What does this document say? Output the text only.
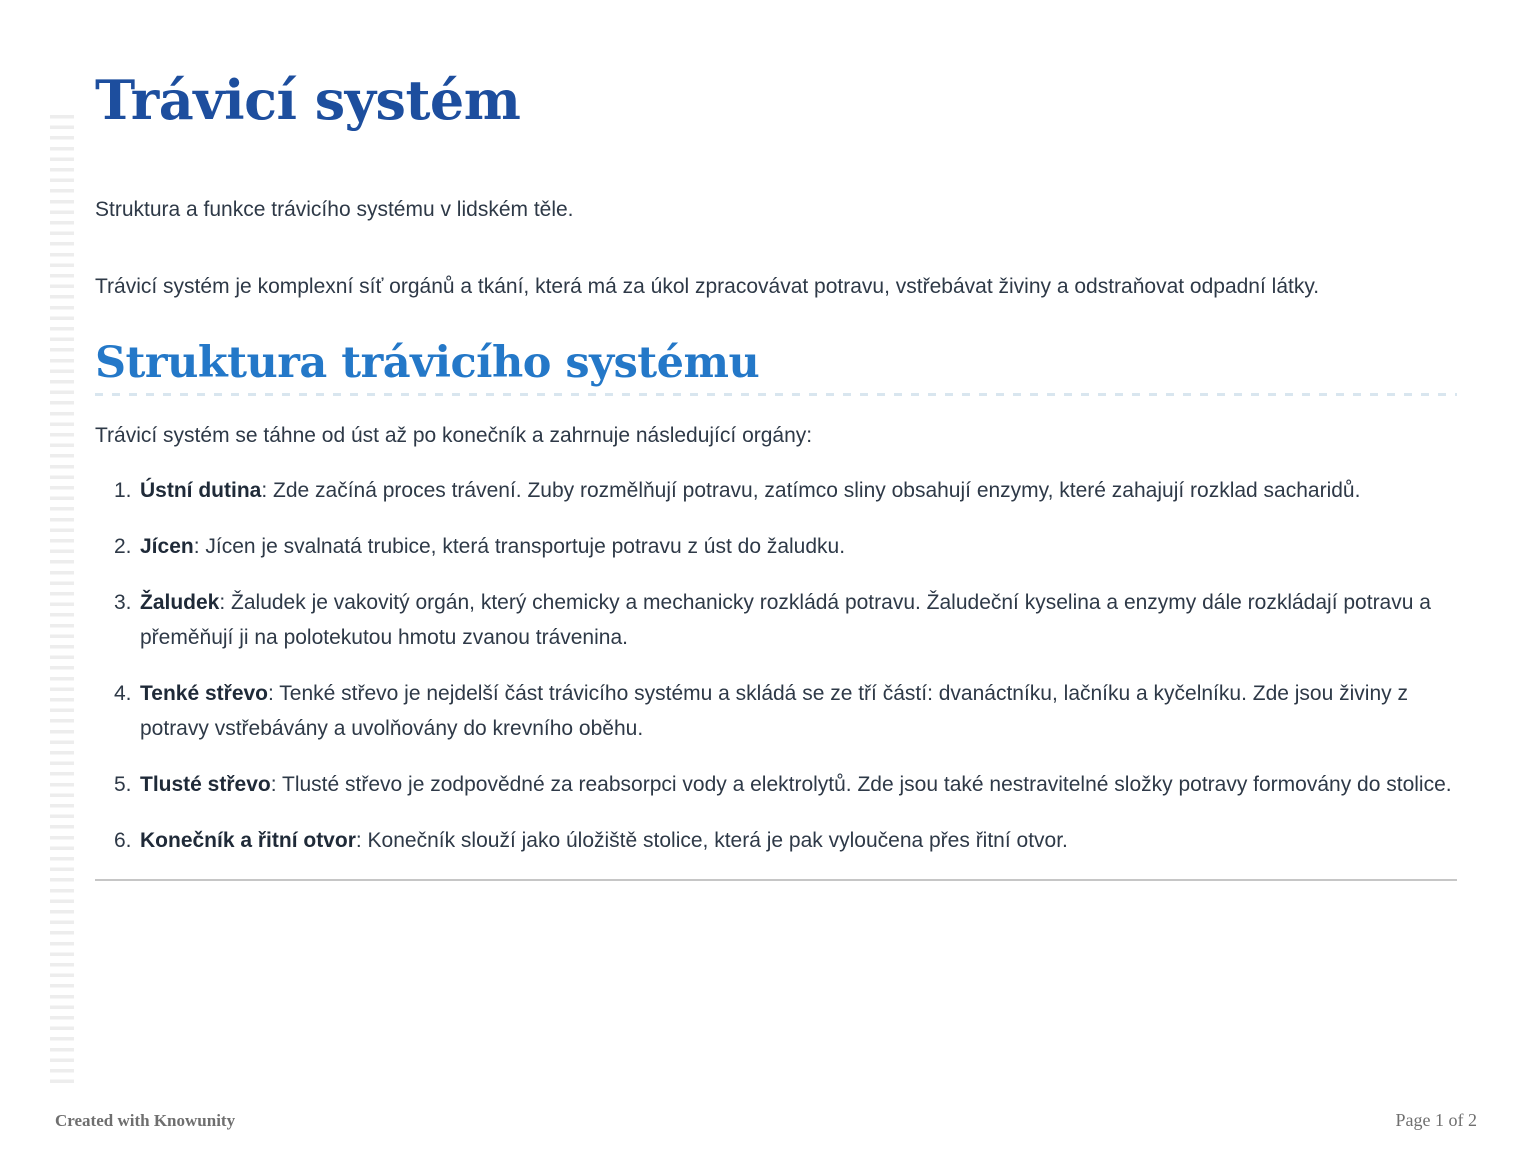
Trávicí systém

Struktura a funkce trávicího systému v lidském těle.

Trávicí systém je komplexní síť orgánů a tkání, která má za úkol zpracovávat potravu, vstřebávat živiny a odstraňovat odpadní látky.

Struktura trávicího systému

Trávicí systém se táhne od úst až po konečník a zahrnuje následující orgány:

1. Ústní dutina: Zde začíná proces trávení. Zuby rozmělňují potravu, zatímco sliny obsahují enzymy, které zahajují rozklad sacharidů.
2. Jícen: Jícen je svalnatá trubice, která transportuje potravu z úst do žaludku.
3. Žaludek: Žaludek je vakovitý orgán, který chemicky a mechanicky rozkládá potravu. Žaludeční kyselina a enzymy dále rozkládají potravu a přeměňují ji na polotekutou hmotu zvanou trávenina.
4. Tenké střevo: Tenké střevo je nejdelší část trávicího systému a skládá se ze tří částí: dvanáctníku, lačníku a kyčelníku. Zde jsou živiny z potravy vstřebávány a uvolňovány do krevního oběhu.
5. Tlusté střevo: Tlusté střevo je zodpovědné za reabsorpci vody a elektrolytů. Zde jsou také nestravitelné složky potravy formovány do stolice.
6. Konečník a řitní otvor: Konečník slouží jako úložiště stolice, která je pak vyloučena přes řitní otvor.
Created with Knowunity	Page 1 of 2
